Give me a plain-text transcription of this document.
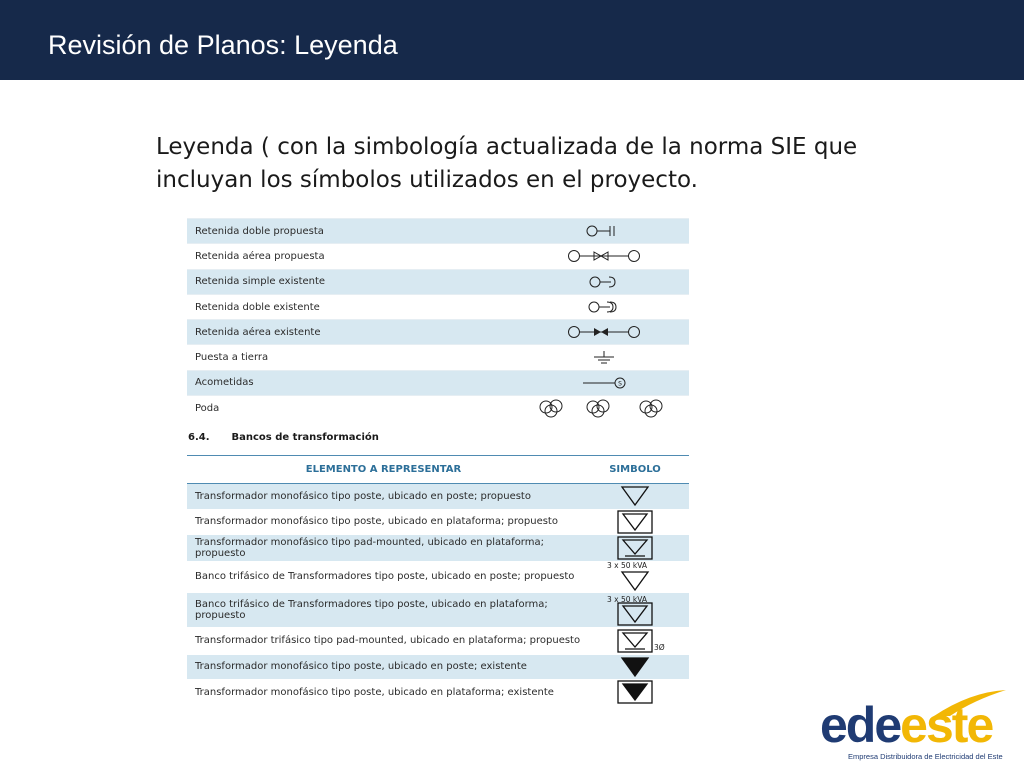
Revisión de Planos: Leyenda
Leyenda ( con la simbología actualizada de la norma SIE que incluyan los símbolos utilizados en el proyecto.
Retenida doble propuesta	

Retenida aérea propuesta	

Retenida simple existente	

Retenida doble existente	

Retenida aérea existente	

Puesta a tierra	

Acometidas	S

Poda	
6.4. Bancos de transformación
ELEMENTO A REPRESENTAR	SIMBOLO
Transformador monofásico tipo poste, ubicado en poste; propuesto	

Transformador monofásico tipo poste, ubicado en plataforma; propuesto	

Transformador monofásico tipo pad-mounted, ubicado en plataforma; propuesto	

Banco trifásico de Transformadores tipo poste, ubicado en poste; propuesto	3 x 50 kVA

Banco trifásico de Transformadores tipo poste, ubicado en plataforma; propuesto	3 x 50 kVA

Transformador trifásico tipo pad-mounted, ubicado en plataforma; propuesto	3Ø

Transformador monofásico tipo poste, ubicado en poste; existente	

Transformador monofásico tipo poste, ubicado en plataforma; existente	
edeeste
Empresa Distribuidora de Electricidad del Este
